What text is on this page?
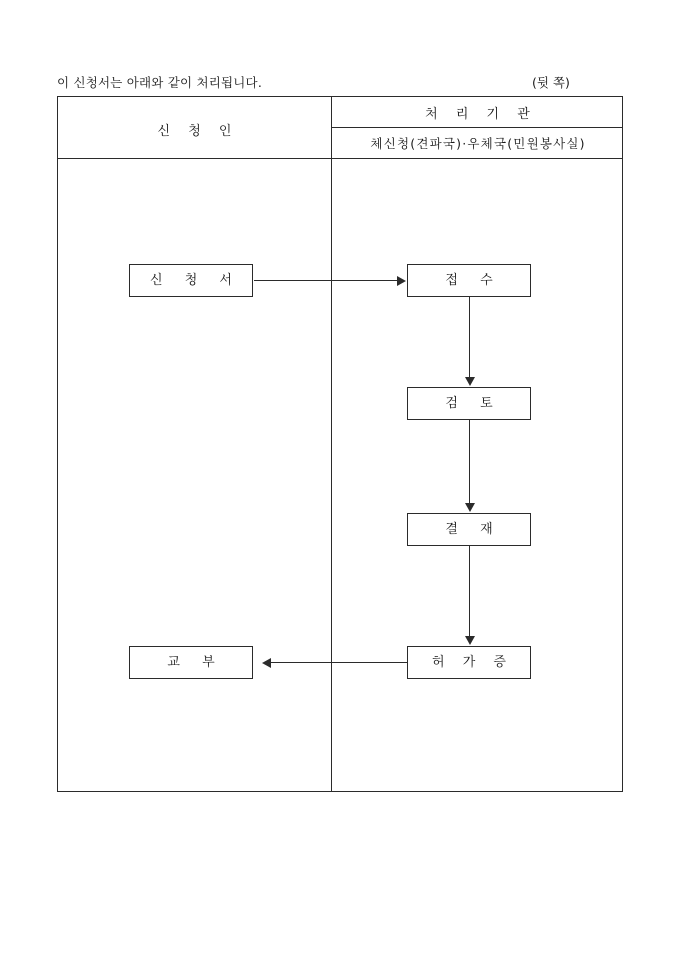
이 신청서는 아래와 같이 처리됩니다.	(뒷 쪽)
신 청 인
처 리 기 관
체신청(견파국)·우체국(민원봉사실)
신 청 서	접 수
검 토
결 재
허 가 증
교 부
